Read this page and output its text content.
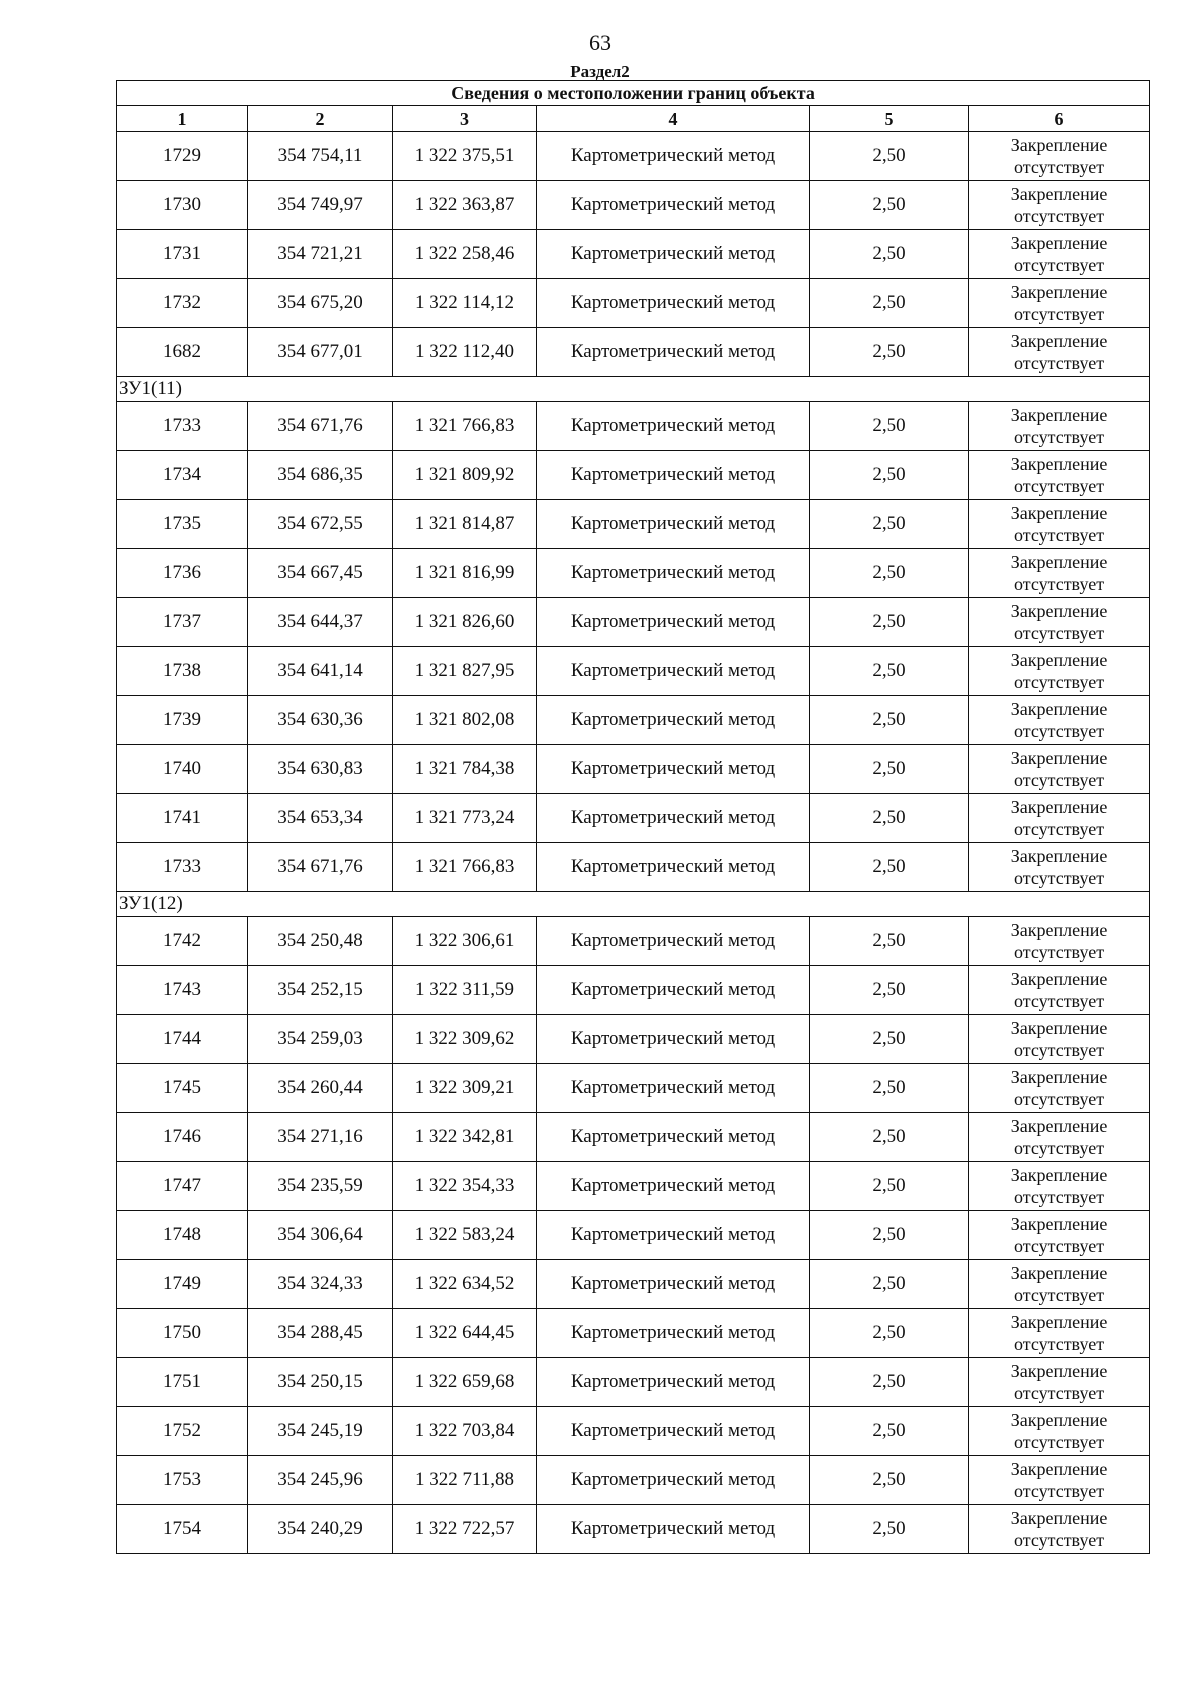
63
Раздел2
Сведения о местоположении границ объекта					
1	2	3	4	5	6
1729	354 754,11	1 322 375,51	Картометрический метод	2,50	Закрепление отсутствует
1730	354 749,97	1 322 363,87	Картометрический метод	2,50	Закрепление отсутствует
1731	354 721,21	1 322 258,46	Картометрический метод	2,50	Закрепление отсутствует
1732	354 675,20	1 322 114,12	Картометрический метод	2,50	Закрепление отсутствует
1682	354 677,01	1 322 112,40	Картометрический метод	2,50	Закрепление отсутствует
ЗУ1(11)					
1733	354 671,76	1 321 766,83	Картометрический метод	2,50	Закрепление отсутствует
1734	354 686,35	1 321 809,92	Картометрический метод	2,50	Закрепление отсутствует
1735	354 672,55	1 321 814,87	Картометрический метод	2,50	Закрепление отсутствует
1736	354 667,45	1 321 816,99	Картометрический метод	2,50	Закрепление отсутствует
1737	354 644,37	1 321 826,60	Картометрический метод	2,50	Закрепление отсутствует
1738	354 641,14	1 321 827,95	Картометрический метод	2,50	Закрепление отсутствует
1739	354 630,36	1 321 802,08	Картометрический метод	2,50	Закрепление отсутствует
1740	354 630,83	1 321 784,38	Картометрический метод	2,50	Закрепление отсутствует
1741	354 653,34	1 321 773,24	Картометрический метод	2,50	Закрепление отсутствует
1733	354 671,76	1 321 766,83	Картометрический метод	2,50	Закрепление отсутствует
ЗУ1(12)					
1742	354 250,48	1 322 306,61	Картометрический метод	2,50	Закрепление отсутствует
1743	354 252,15	1 322 311,59	Картометрический метод	2,50	Закрепление отсутствует
1744	354 259,03	1 322 309,62	Картометрический метод	2,50	Закрепление отсутствует
1745	354 260,44	1 322 309,21	Картометрический метод	2,50	Закрепление отсутствует
1746	354 271,16	1 322 342,81	Картометрический метод	2,50	Закрепление отсутствует
1747	354 235,59	1 322 354,33	Картометрический метод	2,50	Закрепление отсутствует
1748	354 306,64	1 322 583,24	Картометрический метод	2,50	Закрепление отсутствует
1749	354 324,33	1 322 634,52	Картометрический метод	2,50	Закрепление отсутствует
1750	354 288,45	1 322 644,45	Картометрический метод	2,50	Закрепление отсутствует
1751	354 250,15	1 322 659,68	Картометрический метод	2,50	Закрепление отсутствует
1752	354 245,19	1 322 703,84	Картометрический метод	2,50	Закрепление отсутствует
1753	354 245,96	1 322 711,88	Картометрический метод	2,50	Закрепление отсутствует
1754	354 240,29	1 322 722,57	Картометрический метод	2,50	Закрепление отсутствует
